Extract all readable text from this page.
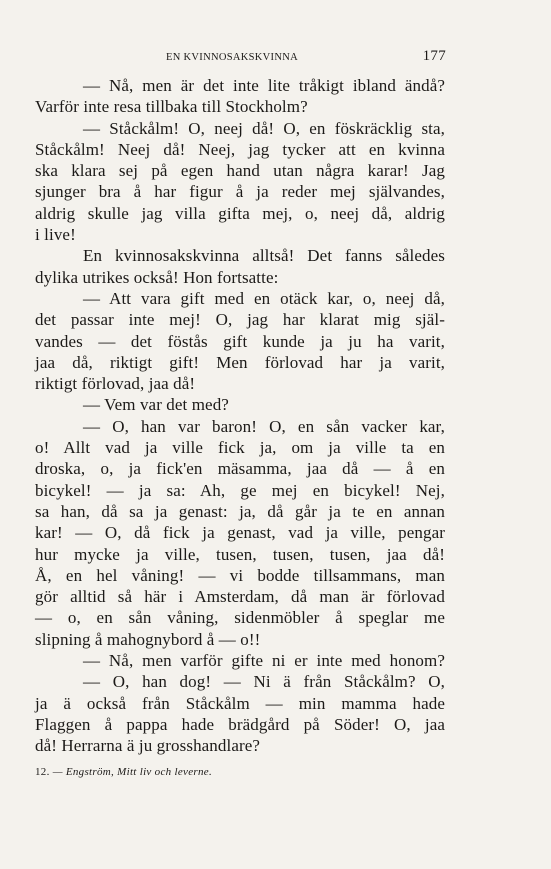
EN KVINNOSAKSKVINNA	177
— Nå, men är det inte lite tråkigt ibland ändå?
Varför inte resa tillbaka till Stockholm?
— Ståckålm! O, neej då! O, en föskräcklig sta,
Ståckålm! Neej då! Neej, jag tycker att en kvinna
ska klara sej på egen hand utan några karar! Jag
sjunger bra å har figur å ja reder mej självandes,
aldrig skulle jag villa gifta mej, o, neej då, aldrig
i live!
En kvinnosakskvinna alltså! Det fanns således
dylika utrikes också! Hon fortsatte:
— Att vara gift med en otäck kar, o, neej då,
det passar inte mej! O, jag har klarat mig själ-
vandes — det föstås gift kunde ja ju ha varit,
jaa då, riktigt gift! Men förlovad har ja varit,
riktigt förlovad, jaa då!
— Vem var det med?
— O, han var baron! O, en sån vacker kar,
o! Allt vad ja ville fick ja, om ja ville ta en
droska, o, ja fick'en mäsamma, jaa då — å en
bicykel! — ja sa: Ah, ge mej en bicykel! Nej,
sa han, då sa ja genast: ja, då går ja te en annan
kar! — O, då fick ja genast, vad ja ville, pengar
hur mycke ja ville, tusen, tusen, tusen, jaa då!
Å, en hel våning! — vi bodde tillsammans, man
gör alltid så här i Amsterdam, då man är förlovad
— o, en sån våning, sidenmöbler å speglar me
slipning å mahognybord å — o!!
— Nå, men varför gifte ni er inte med honom?
— O, han dog! — Ni ä från Ståckålm? O,
ja ä också från Ståckålm — min mamma hade
Flaggen å pappa hade brädgård på Söder! O, jaa
då! Herrarna ä ju grosshandlare?
12. — Engström, Mitt liv och leverne.
